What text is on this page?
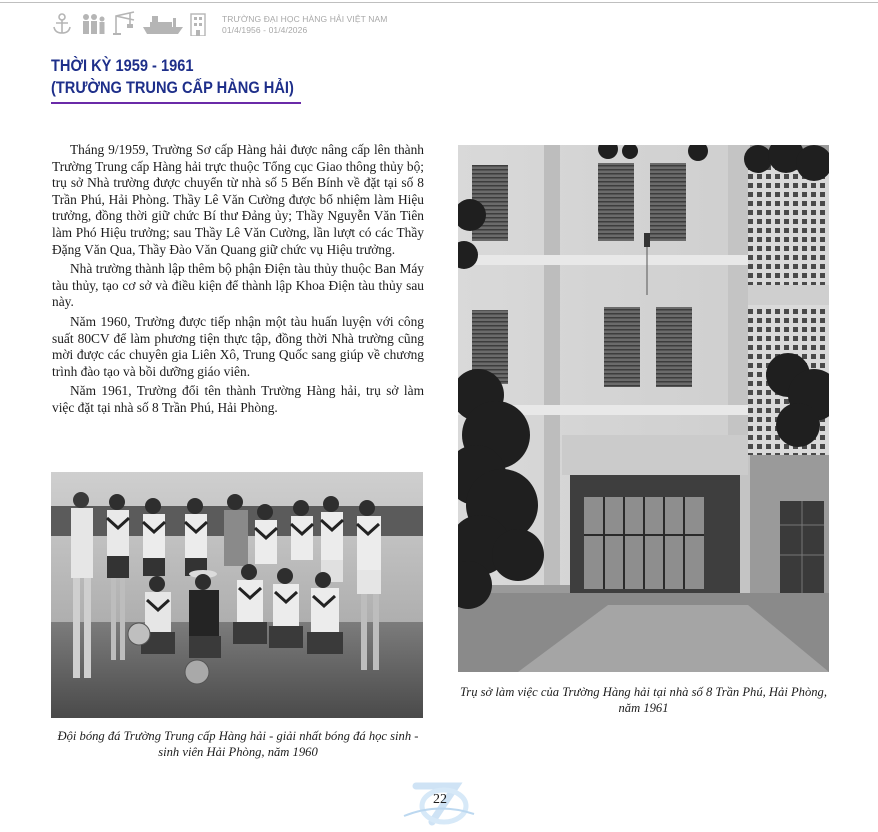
TRƯỜNG ĐẠI HỌC HÀNG HẢI VIỆT NAM
01/4/1956 - 01/4/2026
THỜI KỲ 1959 - 1961
(TRƯỜNG TRUNG CẤP HÀNG HẢI)

Tháng 9/1959, Trường Sơ cấp Hàng hải được nâng cấp lên thành Trường Trung cấp Hàng hải trực thuộc Tổng cục Giao thông thủy bộ; trụ sở Nhà trường được chuyển từ nhà số 5 Bến Bính về đặt tại số 8 Trần Phú, Hải Phòng. Thầy Lê Văn Cường được bổ nhiệm làm Hiệu trưởng, đồng thời giữ chức Bí thư Đảng ủy; Thầy Nguyễn Văn Tiên làm Phó Hiệu trưởng; sau Thầy Lê Văn Cường, lần lượt có các Thầy Đặng Văn Qua, Thầy Đào Văn Quang giữ chức vụ Hiệu trưởng.

Nhà trường thành lập thêm bộ phận Điện tàu thủy thuộc Ban Máy tàu thủy, tạo cơ sở và điều kiện để thành lập Khoa Điện tàu thủy sau này.

Năm 1960, Trường được tiếp nhận một tàu huấn luyện với công suất 80CV để làm phương tiện thực tập, đồng thời Nhà trường cũng mời được các chuyên gia Liên Xô, Trung Quốc sang giúp về chương trình đào tạo và bồi dưỡng giáo viên.

Năm 1961, Trường đổi tên thành Trường Hàng hải, trụ sở làm việc đặt tại nhà số 8 Trần Phú, Hải Phòng.

Đội bóng đá Trường Trung cấp Hàng hải - giải nhất bóng đá học sinh - sinh viên Hải Phòng, năm 1960
Trụ sở làm việc của Trường Hàng hải tại nhà số 8 Trần Phú, Hải Phòng, năm 1961
22
